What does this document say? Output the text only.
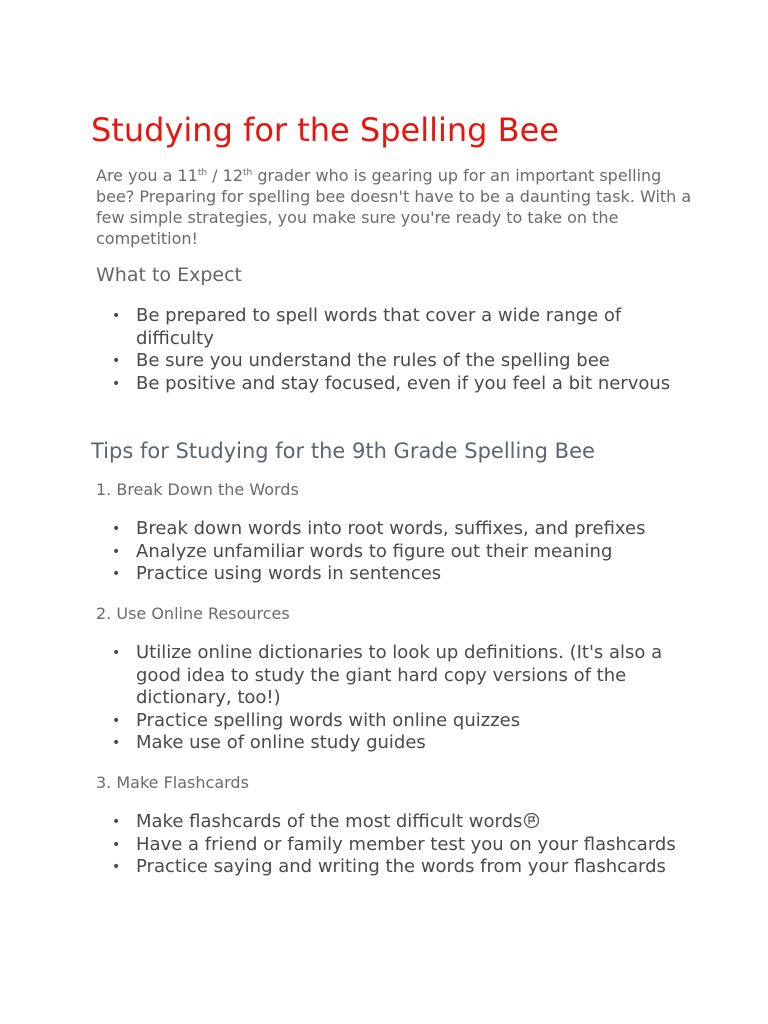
Studying for the Spelling Bee

Are you a 11th / 12th grader who is gearing up for an important spelling bee? Preparing for spelling bee doesn't have to be a daunting task. With a few simple strategies, you make sure you're ready to take on the competition!

What to Expect
• Be prepared to spell words that cover a wide range of difficulty
• Be sure you understand the rules of the spelling bee
• Be positive and stay focused, even if you feel a bit nervous
Tips for Studying for the 9th Grade Spelling Bee
1. Break Down the Words
• Break down words into root words, suffixes, and prefixes
• Analyze unfamiliar words to figure out their meaning
• Practice using words in sentences
2. Use Online Resources
• Utilize online dictionaries to look up definitions. (It's also a good idea to study the giant hard copy versions of the dictionary, too!)
• Practice spelling words with online quizzes
• Make use of online study guides
3. Make Flashcards
• Make flashcards of the most difficult words
• Have a friend or family member test you on your flashcards
• Practice saying and writing the words from your flashcards
